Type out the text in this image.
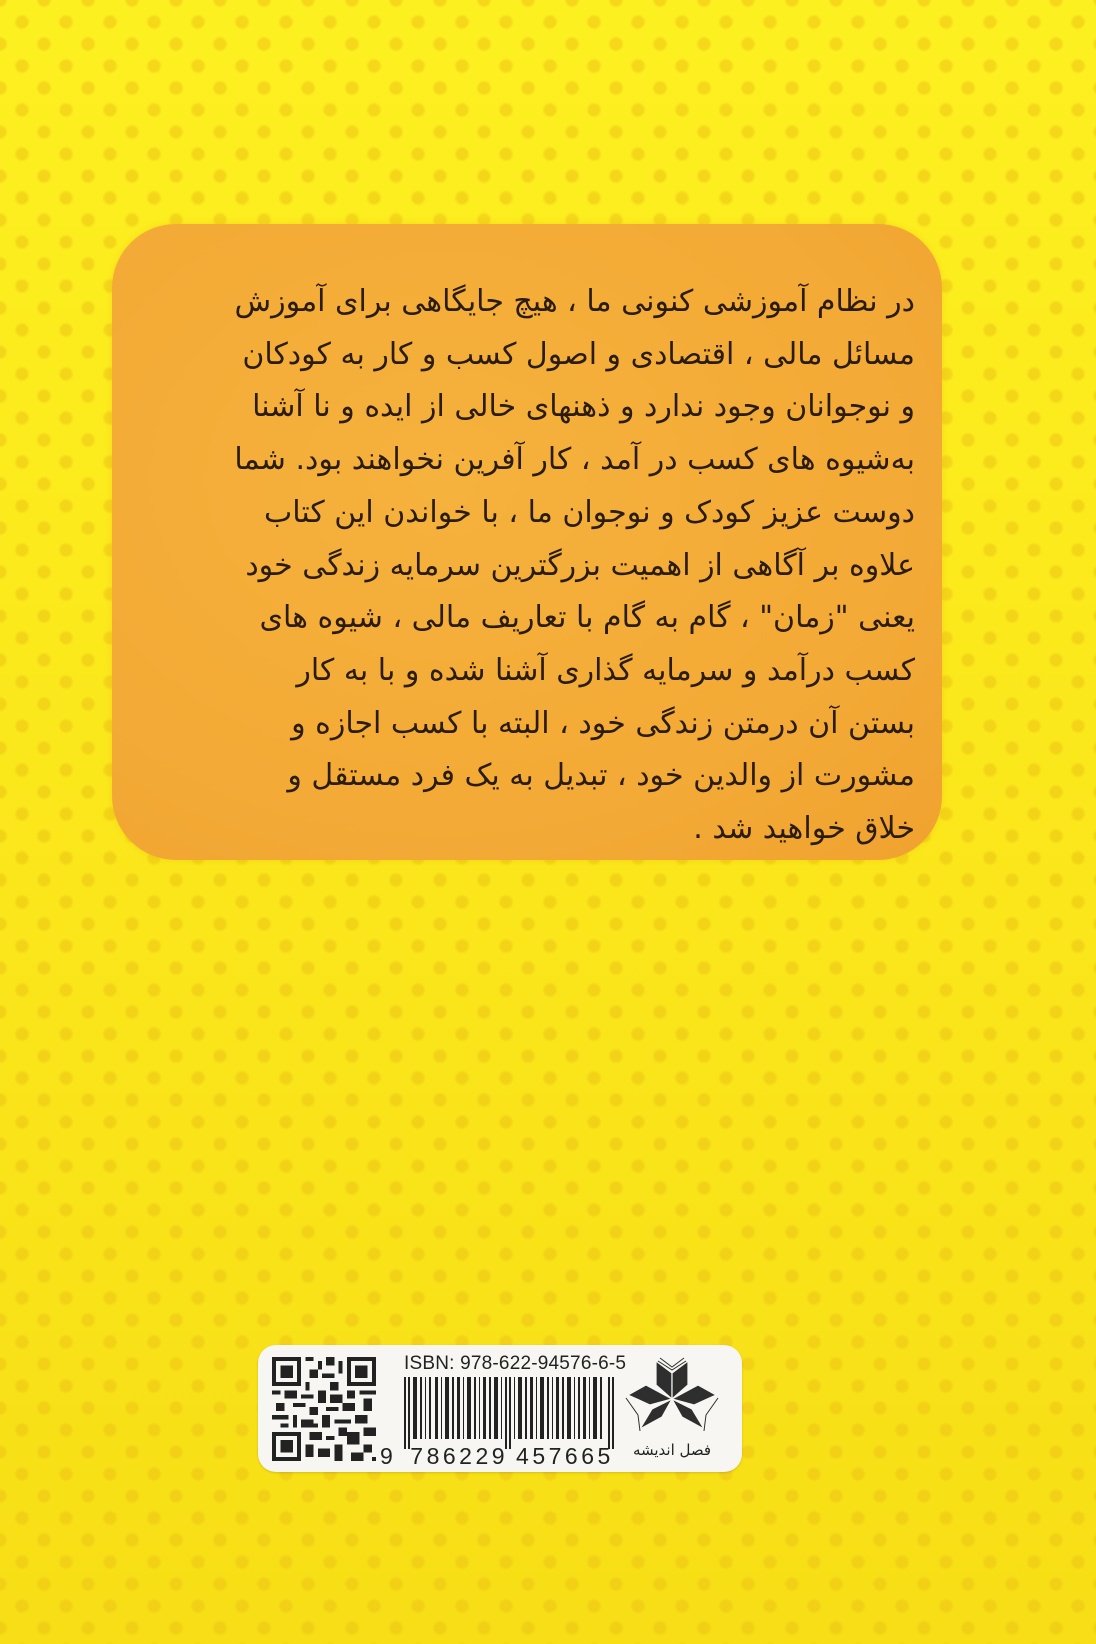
در نظام آموزشی کنونی ما ، هیچ جایگاهی برای آموزش
مسائل مالی ، اقتصادی و اصول کسب و کار به کودکان
و نوجوانان وجود ندارد و ذهنهای خالی از ایده و نا آشنا
به‌شیوه های کسب در آمد ، کار آفرین نخواهند بود. شما
دوست عزیز کودک و نوجوان ما ، با خواندن این کتاب
علاوه بر آگاهی از اهمیت بزرگترین سرمایه زندگی خود
یعنی "زمان" ، گام به گام با تعاریف مالی ، شیوه های
کسب درآمد و سرمایه گذاری آشنا شده و با به کار
بستن آن درمتن زندگی خود ، البته با کسب اجازه و
مشورت از والدین خود ، تبدیل به یک فرد مستقل و
خلاق خواهید شد .
ISBN: 978-622-94576-6-5
9 786229 457665	فصل اندیشه
